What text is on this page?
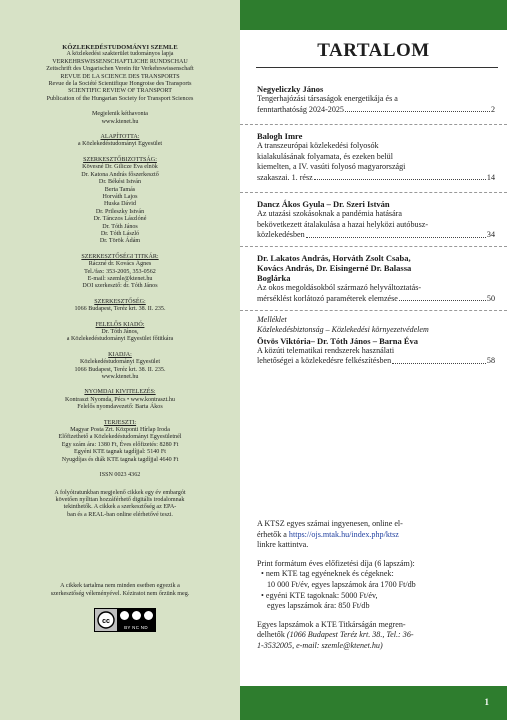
KÖZLEKEDÉSTUDOMÁNYI SZEMLE
A közlekedési szakterület tudományos lapja
VERKEHRSWISSENSCHAFTLICHE RUNDSCHAU
Zeitschrift des Ungarischen Verein für Verkehrswissenschaft
REVUE DE LA SCIENCE DES TRANSPORTS
Revue de la Société Scientifique Hongroise des Transports
SCIENTIFIC REVIEW OF TRANSPORT
Publication of the Hungarian Society for Transport Sciences
Megjelenik kéthavonta
www.ktenet.hu
ALAPÍTOTTA:
a Közlekedéstudományi Egyesület
SZERKESZTŐBIZOTTSÁG:
Kövesné Dr. Gilicze Éva elnök
Dr. Katona András főszerkesztő
Dr. Békési István
Berta Tamás
Horváth Lajos
Huska Dávid
Dr. Prileszky István
Dr. Tánczos Lászlóné
Dr. Tóth János
Dr. Tóth László
Dr. Török Ádám
SZERKESZTŐSÉGI TITKÁR:
Ráczné dr. Kovács Ágnes
Tel./fax: 353-2005, 353-0562
E-mail: szemle@ktenet.hu
DOI szerkesztő: dr. Tóth János
SZERKESZTŐSÉG:
1066 Budapest, Teréz krt. 38. II. 235.
FELELŐS KIADÓ:
Dr. Tóth János,
a Közlekedéstudományi Egyesület főtitkára
KIADJA:
Közlekedéstudományi Egyesület
1066 Budapest, Teréz krt. 38. II. 235.
www.ktenet.hu
NYOMDAI KIVITELEZÉS:
Kontraszt Nyomda, Pécs • www.kontraszt.hu
Felelős nyomdavezető: Barta Ákos
TERJESZTI:
Magyar Posta Zrt. Központi Hírlap Iroda
Előfizethető a Közlekedéstudományi Egyesületnél
Egy szám ára: 1380 Ft, Éves előfizetés: 8280 Ft
Egyéni KTE tagnak tagdíjjal: 5140 Ft
Nyugdíjas és diák KTE tagnak tagdíjjal 4640 Ft
ISSN 0023 4362
A folyóiratunkban megjelenő cikkek egy év embargót
követően nyílttan hozzáférhető digitális irodalomnak
tekinthetők. A cikkek a szerkesztőség az EPA-
ban és a REAL-ban online elérhetővé teszi.
A cikkek tartalma nem minden esetben egyezik a
szerkesztőség véleményével. Kéziratot nem őrzünk meg.
cc
BY NC ND
TARTALOM
Negyeliczky János
Tengerhajózási társaságok energetikája és a
fenntarthatóság 2024-2025	2
Balogh Imre
A transzeurópai közlekedési folyosók
kialakulásának folyamata, és ezeken belül
kiemelten, a IV. vasúti folyosó magyarországi
szakaszai. 1. rész	14
Dancz Ákos Gyula – Dr. Szeri István
Az utazási szokásoknak a pandémia hatására
bekövetkezett átalakulása a hazai helyközi autóbusz-
közlekedésben	34
Dr. Lakatos András, Horváth Zsolt Csaba,
Kovács András, Dr. Eisingerné Dr. Balassa
Boglárka
Az okos megoldásokból származó helyváltoztatás-
mérséklést korlátozó paraméterek elemzése	50
Melléklet
Közlekedésbiztonság – Közlekedési környezetvédelem
Ötvös Viktória– Dr. Tóth János – Barna Éva
A közúti telematikai rendszerek használati
lehetőségei a közlekedésre felkészítésben	58
A KTSZ egyes számai ingyenesen, online el-
érhetők a https://ojs.mtak.hu/index.php/ktsz
linkre kattintva.
Print formátum éves előfizetési díja (6 lapszám):
• nem KTE tag egyéneknek és cégeknek:
10 000 Ft/év, egyes lapszámok ára 1700 Ft/db
• egyéni KTE tagoknak: 5000 Ft/év,
egyes lapszámok ára: 850 Ft/db
Egyes lapszámok a KTE Titkárságán megren-
delhetők (1066 Budapest Teréz krt. 38., Tel.: 36-
1-3532005, e-mail: szemle@ktenet.hu)
1
